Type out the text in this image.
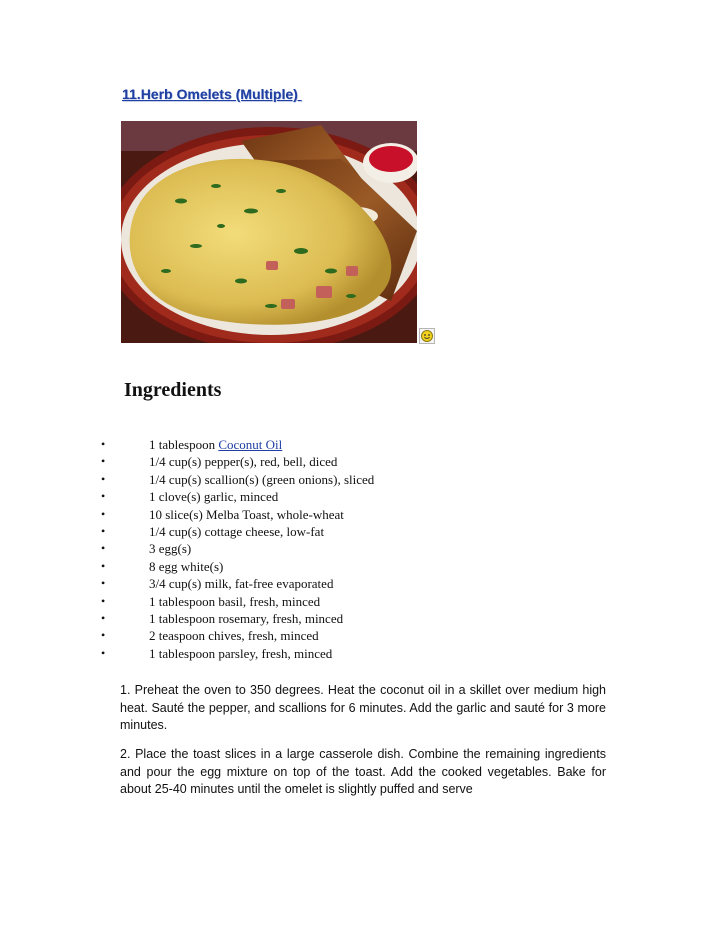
11.Herb Omelets (Multiple)
Ingredients
•	1 tablespoon Coconut Oil
•	1/4 cup(s) pepper(s), red, bell, diced
•	1/4 cup(s) scallion(s) (green onions), sliced
•	1 clove(s) garlic, minced
•	10 slice(s) Melba Toast, whole-wheat
•	1/4 cup(s) cottage cheese, low-fat
•	3 egg(s)
•	8 egg white(s)
•	3/4 cup(s) milk, fat-free evaporated
•	1 tablespoon basil, fresh, minced
•	1 tablespoon rosemary, fresh, minced
•	2 teaspoon chives, fresh, minced
•	1 tablespoon parsley, fresh, minced

1. Preheat the oven to 350 degrees. Heat the coconut oil in a skillet over medium high heat. Sauté the pepper, and scallions for 6 minutes. Add the garlic and sauté for 3 more minutes.

2. Place the toast slices in a large casserole dish. Combine the remaining ingredients and pour the egg mixture on top of the toast. Add the cooked vegetables. Bake for about 25-40 minutes until the omelet is slightly puffed and serve
